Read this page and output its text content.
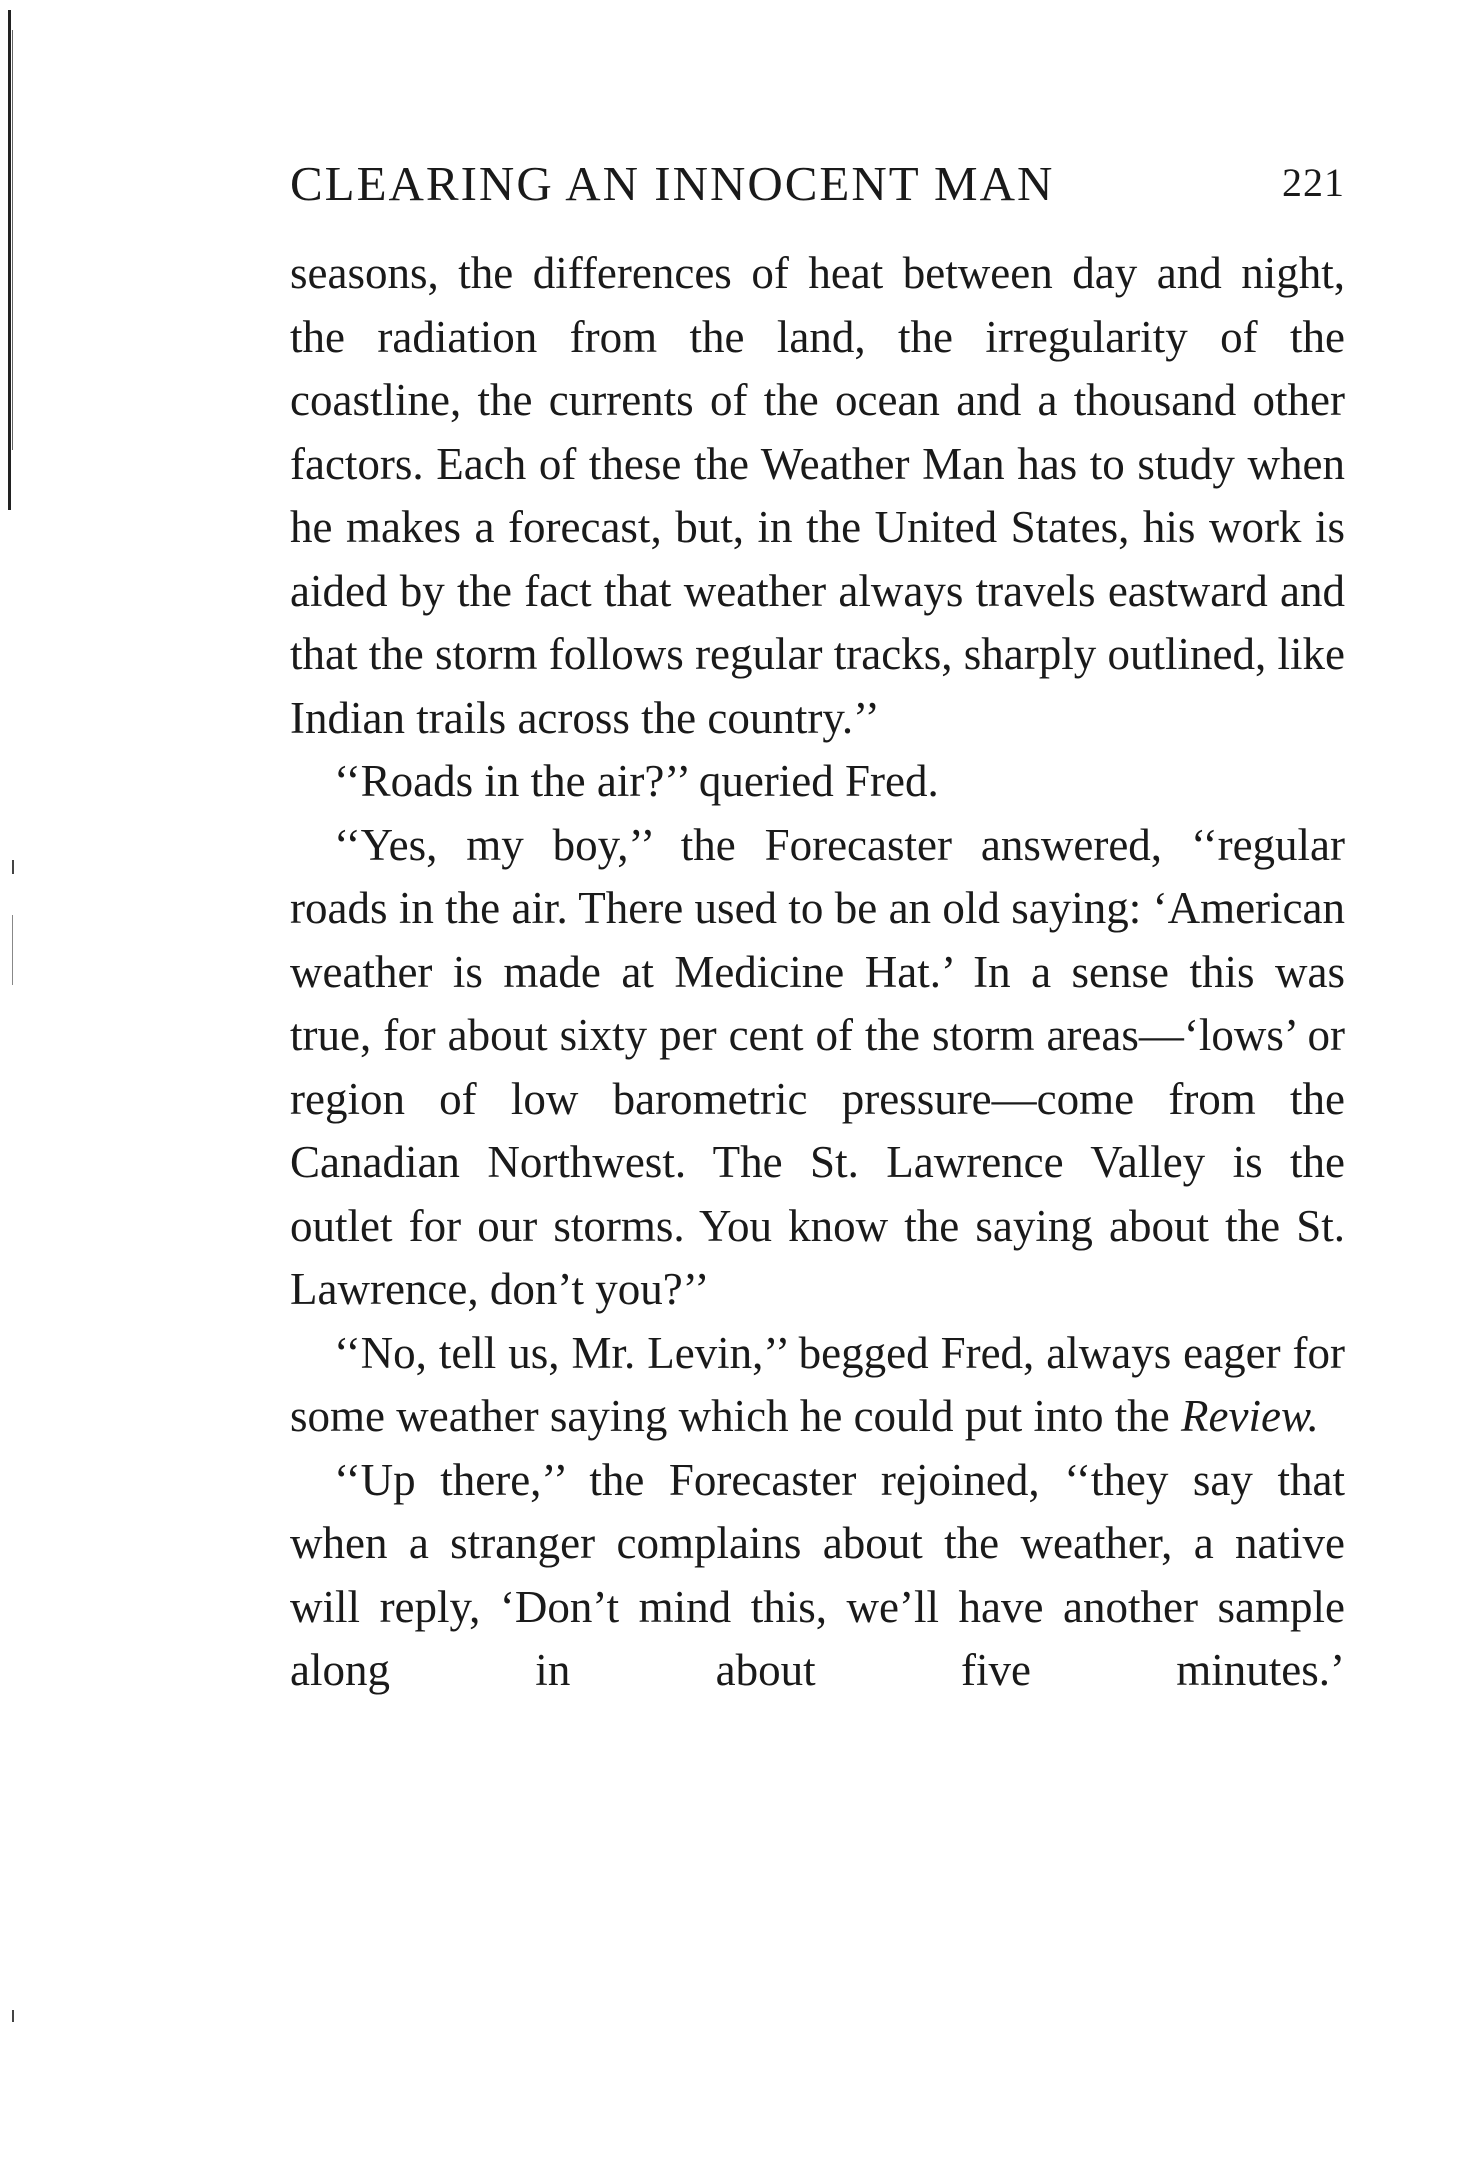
CLEARING AN INNOCENT MAN	221

seasons, the differences of heat between day and night, the radiation from the land, the irregularity of the coastline, the currents of the ocean and a thousand other factors. Each of these the Weather Man has to study when he makes a forecast, but, in the United States, his work is aided by the fact that weather always travels eastward and that the storm follows regular tracks, sharply outlined, like Indian trails across the country.’’

‘‘Roads in the air?’’ queried Fred.

‘‘Yes, my boy,’’ the Forecaster answered, ‘‘regular roads in the air. There used to be an old saying: ‘American weather is made at Medicine Hat.’ In a sense this was true, for about sixty per cent of the storm areas—‘lows’ or region of low barometric pressure—come from the Canadian Northwest. The St. Lawrence Valley is the outlet for our storms. You know the saying about the St. Lawrence, don’t you?’’

‘‘No, tell us, Mr. Levin,’’ begged Fred, always eager for some weather saying which he could put into the Review.

‘‘Up there,’’ the Forecaster rejoined, ‘‘they say that when a stranger complains about the weather, a native will reply, ‘Don’t mind this, we’ll have another sample along in about five minutes.’
